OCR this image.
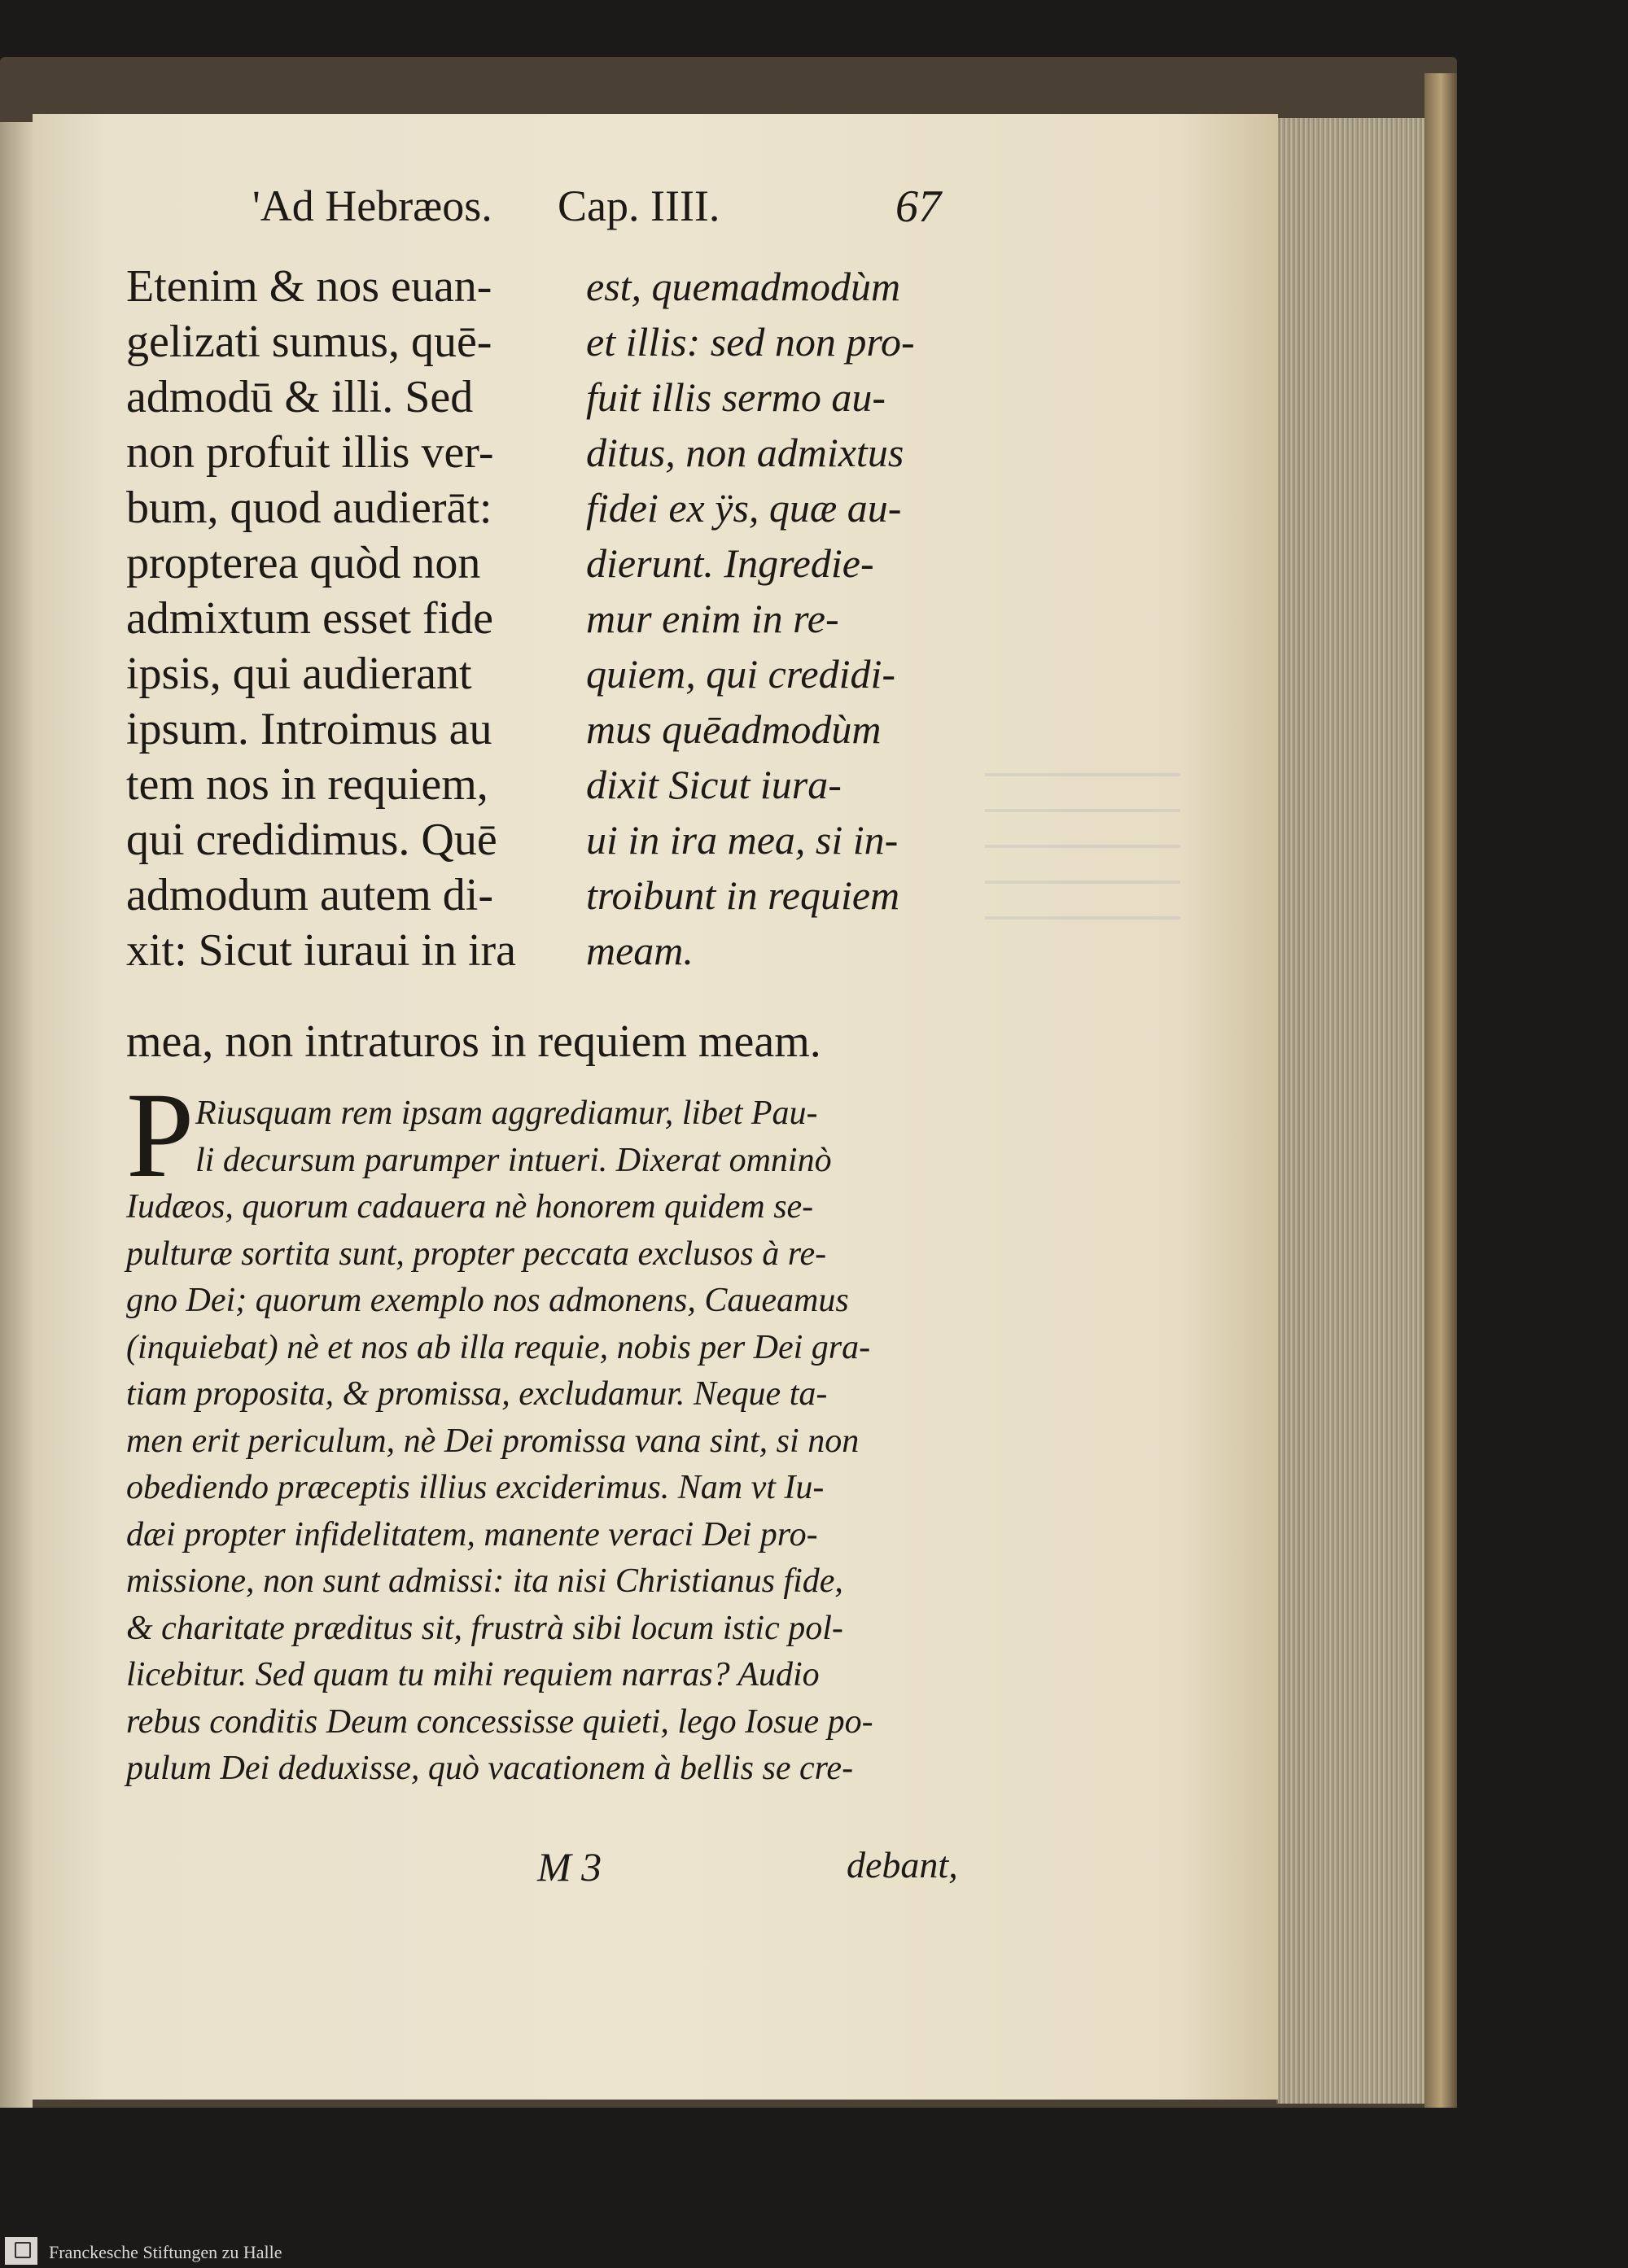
'Ad Hebræos. Cap. IIII.	67
Etenim & nos euan-
gelizati sumus, quē-
admodū & illi. Sed
non profuit illis ver-
bum, quod audierāt:
propterea quòd non
admixtum esset fide
ipsis, qui audierant
ipsum. Introimus au
tem nos in requiem,
qui credidimus. Quē
admodum autem di-
xit: Sicut iuraui in ira
est, quemadmodùm
et illis: sed non pro-
fuit illis sermo au-
ditus, non admixtus
fidei ex ÿs, quæ au-
dierunt. Ingredie-
mur enim in re-
quiem, qui credidi-
mus quēadmodùm
dixit Sicut iura-
ui in ira mea, si in-
troibunt in requiem
meam.
mea, non intraturos in requiem meam.
P Riusquam rem ipsam aggrediamur, libet Pau-
li decursum parumper intueri. Dixerat omninò
Iudæos, quorum cadauera nè honorem quidem se-
pulturæ sortita sunt, propter peccata exclusos à re-
gno Dei; quorum exemplo nos admonens, Caueamus
(inquiebat) nè et nos ab illa requie, nobis per Dei gra-
tiam proposita, & promissa, excludamur. Neque ta-
men erit periculum, nè Dei promissa vana sint, si non
obediendo præceptis illius exciderimus. Nam vt Iu-
dæi propter infidelitatem, manente veraci Dei pro-
missione, non sunt admissi: ita nisi Christianus fide,
& charitate præditus sit, frustrà sibi locum istic pol-
licebitur. Sed quam tu mihi requiem narras? Audio
rebus conditis Deum concessisse quieti, lego Iosue po-
pulum Dei deduxisse, quò vacationem à bellis se cre-
M 3	debant,
Franckesche Stiftungen zu Halle
